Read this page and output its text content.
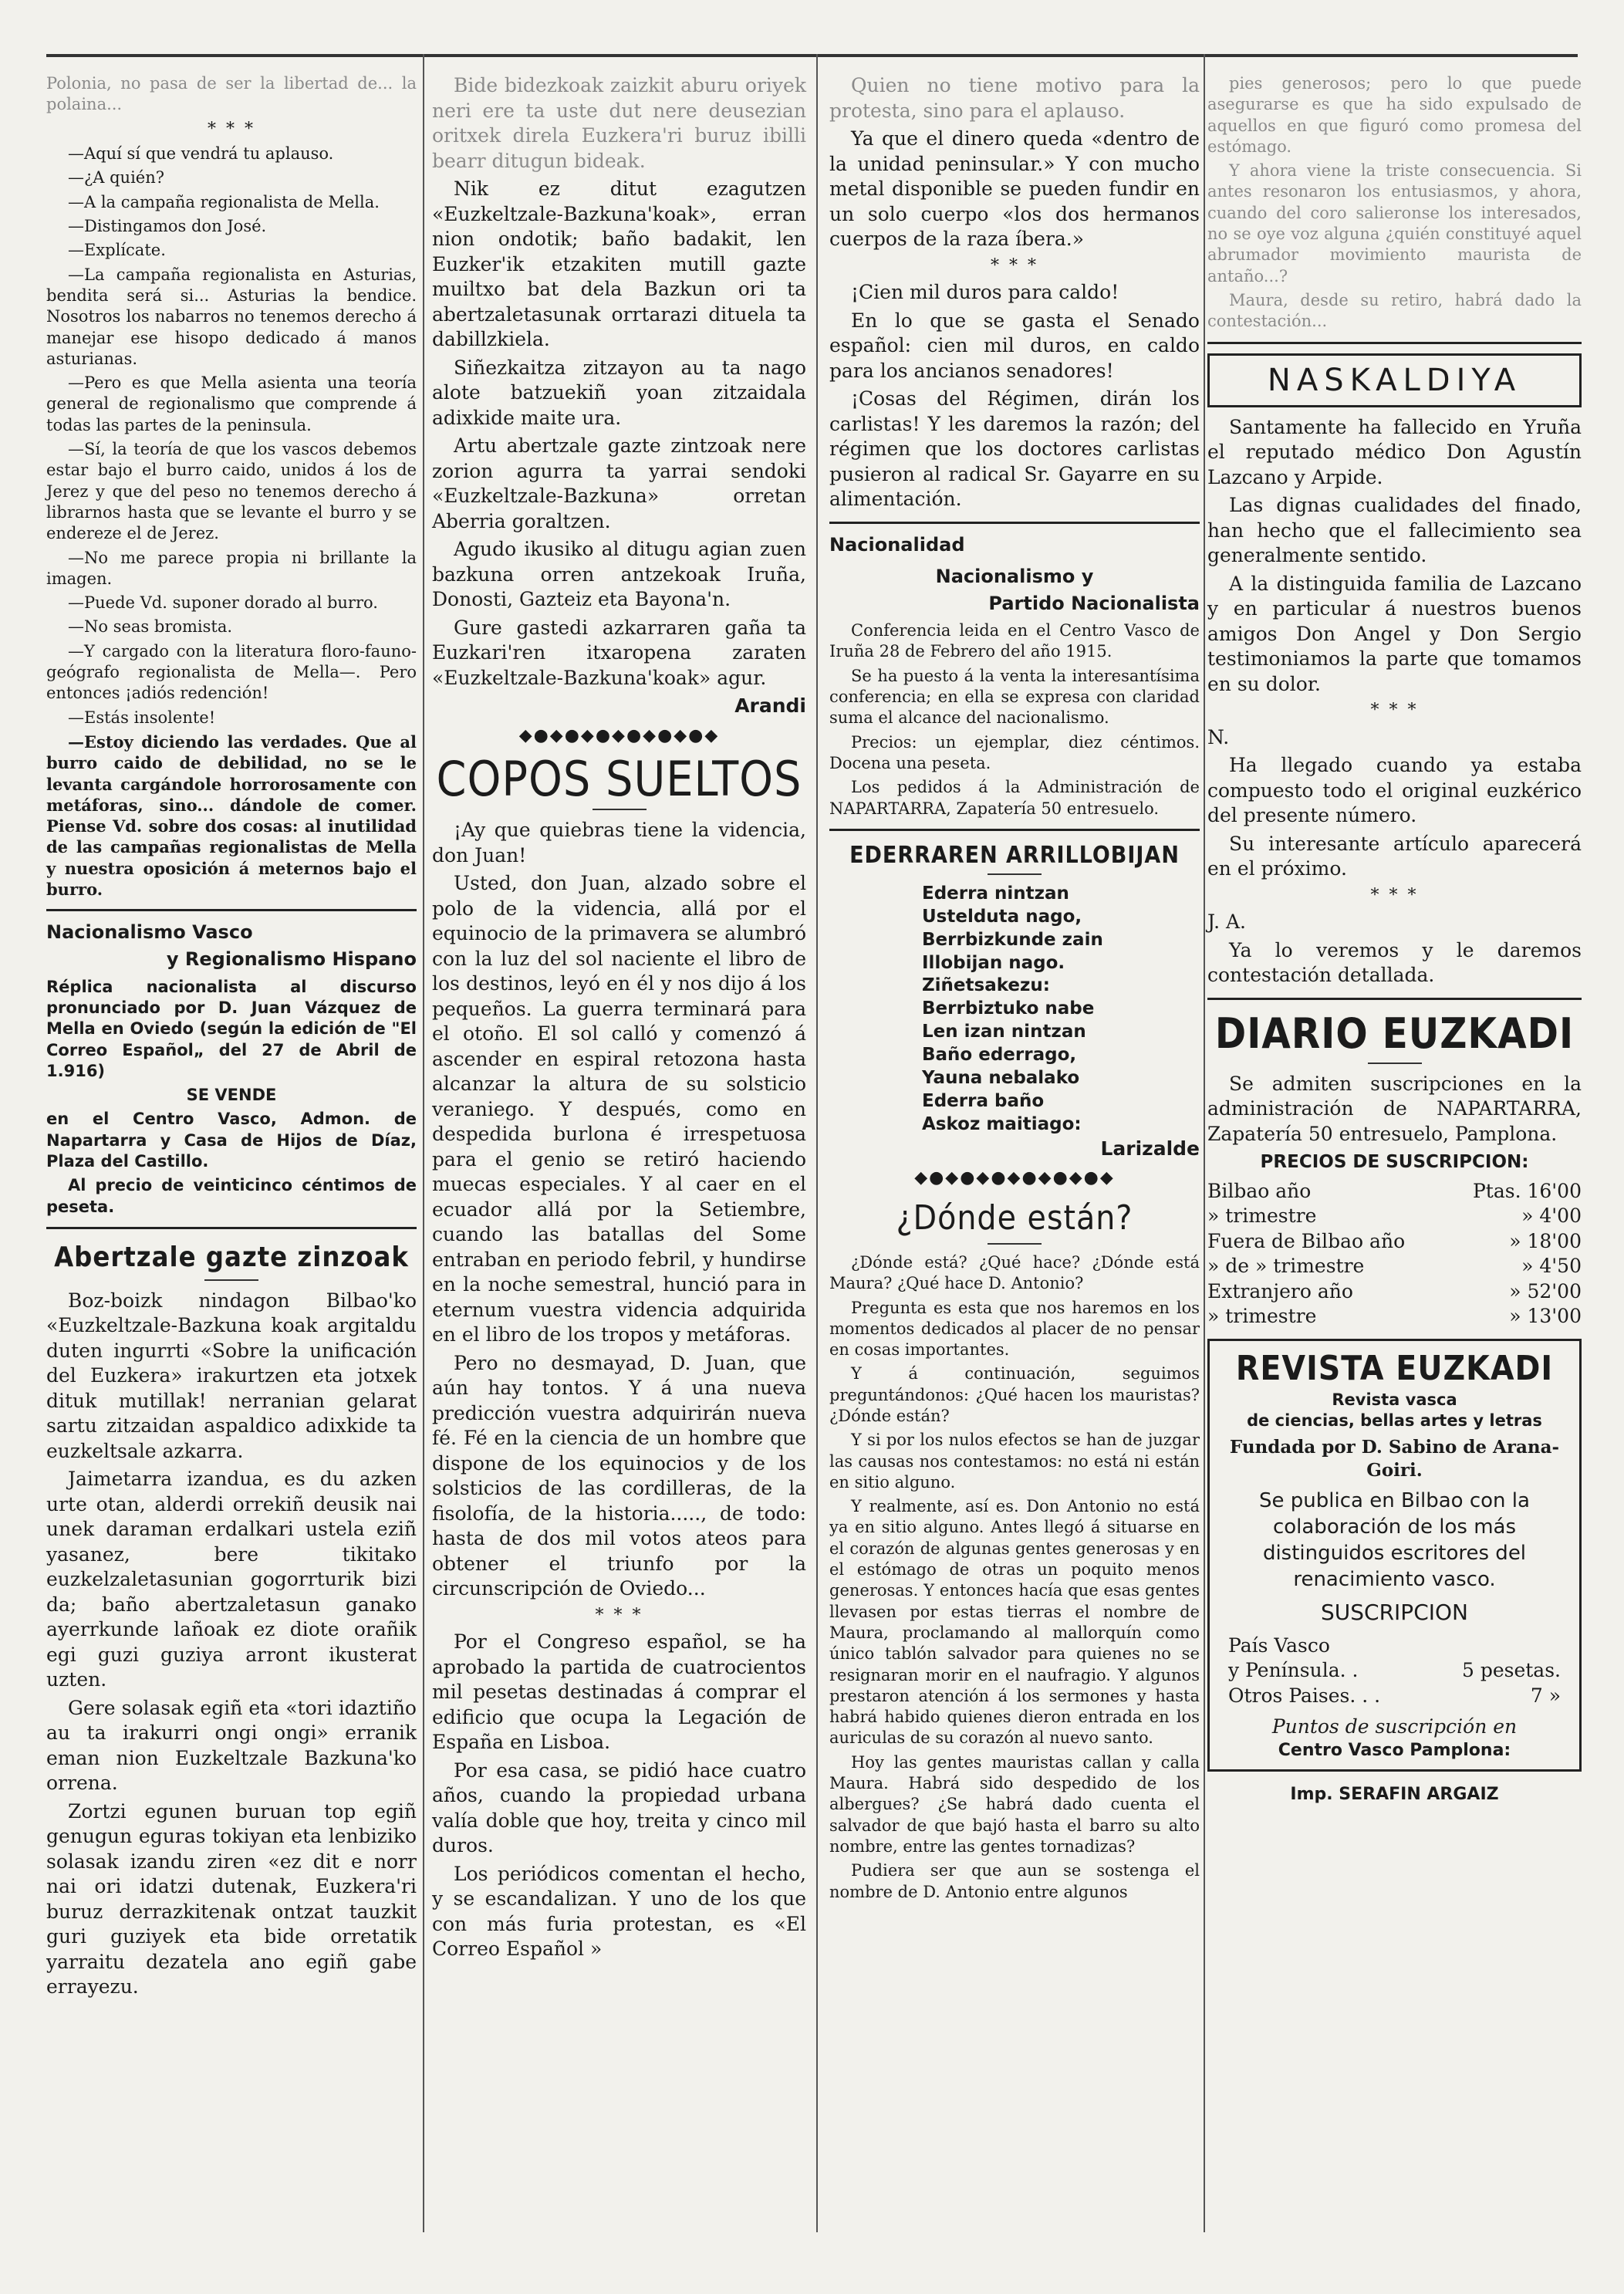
Polonia, no pasa de ser la libertad de... la polaina...

* * *

—Aquí sí que vendrá tu aplauso.

—¿A quién?

—A la campaña regionalista de Mella.

—Distingamos don José.

—Explícate.

—La campaña regionalista en Asturias, bendita será si... Asturias la bendice. Nosotros los nabarros no tenemos derecho á manejar ese hisopo dedicado á manos asturianas.

—Pero es que Mella asienta una teoría general de regionalismo que comprende á todas las partes de la peninsula.

—Sí, la teoría de que los vascos debemos estar bajo el burro caido, unidos á los de Jerez y que del peso no tenemos derecho á librarnos hasta que se levante el burro y se endereze el de Jerez.

—No me parece propia ni brillante la imagen.

—Puede Vd. suponer dorado al burro.

—No seas bromista.

—Y cargado con la literatura floro-fauno-geógrafo regionalista de Mella—. Pero entonces ¡adiós redención!

—Estás insolente!

—Estoy diciendo las verdades. Que al burro caido de debilidad, no se le levanta cargándole horrorosamente con metáforas, sino... dándole de comer. Piense Vd. sobre dos cosas: al inutilidad de las campañas regionalistas de Mella y nuestra oposición á meternos bajo el burro.

Nacionalismo Vasco
y Regionalismo Hispano

Réplica nacionalista al discurso pronunciado por D. Juan Vázquez de Mella en Oviedo (según la edición de "El Correo Español„ del 27 de Abril de 1.916)

SE VENDE

en el Centro Vasco, Admon. de Napartarra y Casa de Hijos de Díaz, Plaza del Castillo.

Al precio de veinticinco céntimos de peseta.

Abertzale gazte zinzoak

Boz-boizk nindagon Bilbao'ko «Euzkeltzale-Bazkuna koak argitaldu duten ingurrti «Sobre la unificación del Euzkera» irakurtzen eta jotxek dituk mutillak! nerranian gelarat sartu zitzaidan aspaldico adixkide ta euzkeltsale azkarra.

Jaimetarra izandua, es du azken urte otan, alderdi orrekiñ deusik nai unek daraman erdalkari ustela eziñ yasanez, bere tikitako euzkelzaletasunian gogorrturik bizi da; baño abertzaletasun ganako ayerrkunde lañoak ez diote orañik egi guzi guziya arront ikusterat uzten.

Gere solasak egiñ eta «tori idaztiño au ta irakurri ongi ongi» erranik eman nion Euzkeltzale Bazkuna'ko orrena.

Zortzi egunen buruan top egiñ genugun eguras tokiyan eta lenbiziko solasak izandu ziren «ez dit e norr nai ori idatzi dutenak, Euzkera'ri buruz derrazkitenak ontzat tauzkit guri guziyek eta bide orretatik yarraitu dezatela ano egiñ gabe errayezu.

Bide bidezkoak zaizkit aburu oriyek neri ere ta uste dut nere deusezian oritxek direla Euzkera'ri buruz ibilli bearr ditugun bideak.

Nik ez ditut ezagutzen «Euzkeltzale-Bazkuna'koak», erran nion ondotik; baño badakit, len Euzker'ik etzakiten mutill gazte muiltxo bat dela Bazkun ori ta abertzaletasunak orrtarazi dituela ta dabillzkiela.

Siñezkaitza zitzayon au ta nago alote batzuekiñ yoan zitzaidala adixkide maite ura.

Artu abertzale gazte zintzoak nere zorion agurra ta yarrai sendoki «Euzkeltzale-Bazkuna» orretan Aberria goraltzen.

Agudo ikusiko al ditugu agian zuen bazkuna orren antzekoak Iruña, Donosti, Gazteiz eta Bayona'n.

Gure gastedi azkarraren gaña ta Euzkari'ren itxaropena zaraten «Euzkeltzale-Bazkuna'koak» agur.

Arandi
◆●◆●◆●◆●◆●◆●◆
COPOS SUELTOS

¡Ay que quiebras tiene la videncia, don Juan!

Usted, don Juan, alzado sobre el polo de la videncia, allá por el equinocio de la primavera se alumbró con la luz del sol naciente el libro de los destinos, leyó en él y nos dijo á los pequeños. La guerra terminará para el otoño. El sol calló y comenzó á ascender en espiral retozona hasta alcanzar la altura de su solsticio veraniego. Y después, como en despedida burlona é irrespetuosa para el genio se retiró haciendo muecas especiales. Y al caer en el ecuador allá por la Setiembre, cuando las batallas del Some entraban en periodo febril, y hundirse en la noche semestral, hunció para in eternum vuestra videncia adquirida en el libro de los tropos y metáforas.

Pero no desmayad, D. Juan, que aún hay tontos. Y á una nueva predicción vuestra adquirirán nueva fé. Fé en la ciencia de un hombre que dispone de los equinocios y de los solsticios de las cordilleras, de la fisolofía, de la historia....., de todo: hasta de dos mil votos ateos para obtener el triunfo por la circunscripción de Oviedo...

* * *

Por el Congreso español, se ha aprobado la partida de cuatrocientos mil pesetas destinadas á comprar el edificio que ocupa la Legación de España en Lisboa.

Por esa casa, se pidió hace cuatro años, cuando la propiedad urbana valía doble que hoy, treita y cinco mil duros.

Los periódicos comentan el hecho, y se escandalizan. Y uno de los que con más furia protestan, es «El Correo Español »

Quien no tiene motivo para la protesta, sino para el aplauso.

Ya que el dinero queda «dentro de la unidad peninsular.» Y con mucho metal disponible se pueden fundir en un solo cuerpo «los dos hermanos cuerpos de la raza íbera.»

* * *

¡Cien mil duros para caldo!

En lo que se gasta el Senado español: cien mil duros, en caldo para los ancianos senadores!

¡Cosas del Régimen, dirán los carlistas! Y les daremos la razón; del régimen que los doctores carlistas pusieron al radical Sr. Gayarre en su alimentación.

Nacionalidad
Nacionalismo y
Partido Nacionalista

Conferencia leida en el Centro Vasco de Iruña 28 de Febrero del año 1915.

Se ha puesto á la venta la interesantísima conferencia; en ella se expresa con claridad suma el alcance del nacionalismo.

Precios: un ejemplar, diez céntimos. Docena una peseta.

Los pedidos á la Administración de NAPARTARRA, Zapatería 50 entresuelo.

EDERRAREN ARRILLOBIJAN
Ederra nintzan
Ustelduta nago,
Berrbizkunde zain
Illobijan nago.
Ziñetsakezu:
Berrbiztuko nabe
Len izan nintzan
Baño ederrago,
Yauna nebalako
Ederra baño
Askoz maitiago:
Larizalde
◆●◆●◆●◆●◆●◆●◆
¿Dónde están?

¿Dónde está? ¿Qué hace? ¿Dónde está Maura? ¿Qué hace D. Antonio?

Pregunta es esta que nos haremos en los momentos dedicados al placer de no pensar en cosas importantes.

Y á continuación, seguimos preguntándonos: ¿Qué hacen los mauristas? ¿Dónde están?

Y si por los nulos efectos se han de juzgar las causas nos contestamos: no está ni están en sitio alguno.

Y realmente, así es. Don Antonio no está ya en sitio alguno. Antes llegó á situarse en el corazón de algunas gentes generosas y en el estómago de otras un poquito menos generosas. Y entonces hacía que esas gentes llevasen por estas tierras el nombre de Maura, proclamando al mallorquín como único tablón salvador para quienes no se resignaran morir en el naufragio. Y algunos prestaron atención á los sermones y hasta habrá habido quienes dieron entrada en los auriculas de su corazón al nuevo santo.

Hoy las gentes mauristas callan y calla Maura. Habrá sido despedido de los albergues? ¿Se habrá dado cuenta el salvador de que bajó hasta el barro su alto nombre, entre las gentes tornadizas?

Pudiera ser que aun se sostenga el nombre de D. Antonio entre algunos

pies generosos; pero lo que puede asegurarse es que ha sido expulsado de aquellos en que figuró como promesa del estómago.

Y ahora viene la triste consecuencia. Si antes resonaron los entusiasmos, y ahora, cuando del coro salieronse los interesados, no se oye voz alguna ¿quién constituyé aquel abrumador movimiento maurista de antaño...?

Maura, desde su retiro, habrá dado la contestación...

NASKALDIYA

Santamente ha fallecido en Yruña el reputado médico Don Agustín Lazcano y Arpide.

Las dignas cualidades del finado, han hecho que el fallecimiento sea generalmente sentido.

A la distinguida familia de Lazcano y en particular á nuestros buenos amigos Don Angel y Don Sergio testimoniamos la parte que tomamos en su dolor.

* * *

N.

Ha llegado cuando ya estaba compuesto todo el original euzkérico del presente número.

Su interesante artículo aparecerá en el próximo.

* * *

J. A.

Ya lo veremos y le daremos contestación detallada.

DIARIO EUZKADI

Se admiten suscripciones en la administración de NAPARTARRA, Zapatería 50 entresuelo, Pamplona.

PRECIOS DE SUSCRIPCION:
Bilbao año	Ptas. 16'00
» trimestre	» 4'00
Fuera de Bilbao año	» 18'00
» de » trimestre	» 4'50
Extranjero año	» 52'00
» trimestre	» 13'00
REVISTA EUZKADI
Revista vasca
de ciencias, bellas artes y letras
Fundada por D. Sabino de Arana-Goiri.
Se publica en Bilbao con la colaboración de los más distinguidos escritores del renacimiento vasco.
SUSCRIPCION
País Vasco
y Península. .	5 pesetas.
Otros Paises. . .	7 »
Puntos de suscripción en
Centro Vasco Pamplona:
Imp. SERAFIN ARGAIZ
